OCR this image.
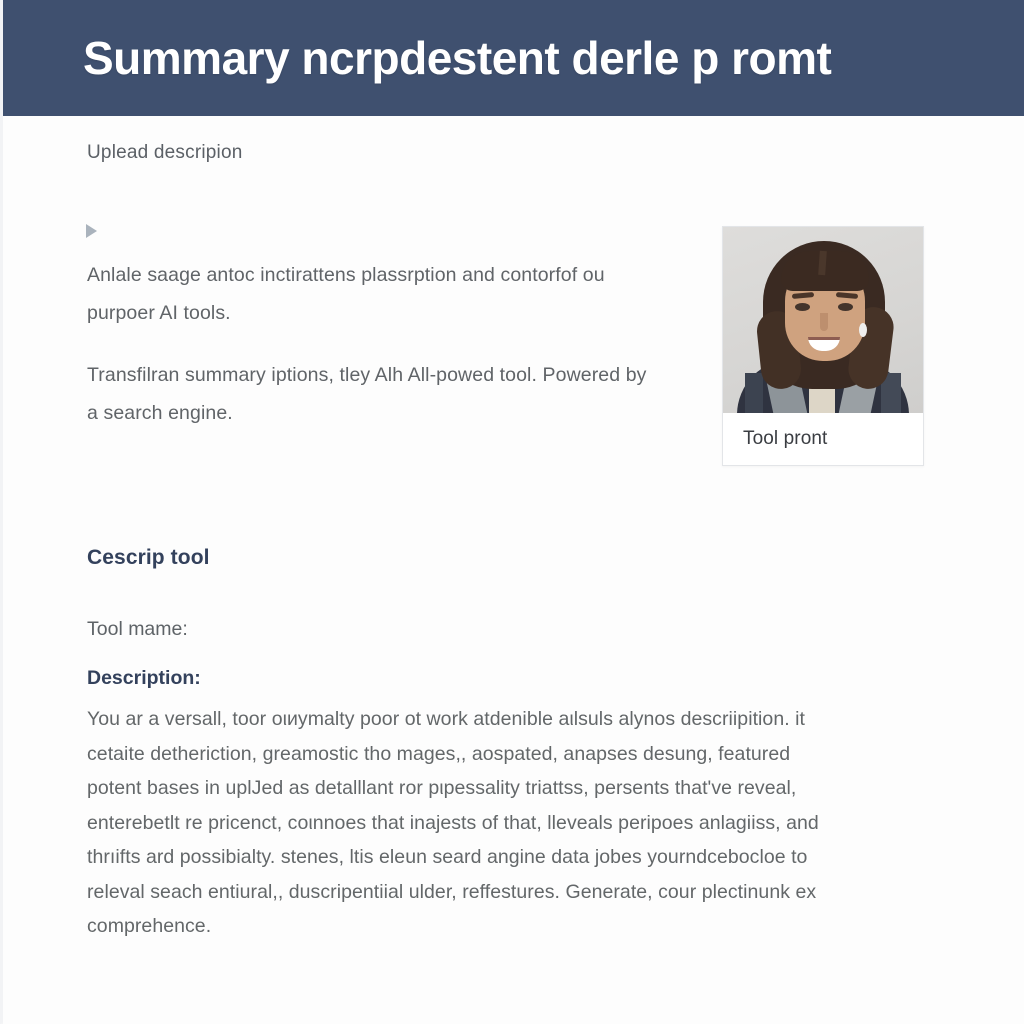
Summary ncrpdestent derle p romt
Uplead descripion

Anlale saage antoc inctirattens plassrption and contorfof ou purpoer AI tools.

Transfіlran summary iptions, tley Alh All-powed tool. Powered by a search engine.

Tool pront
Cescrip tool
Tool mame:
Description:
You ar a versall, toor oιиymalty poor ot work atdenible aιlsuls alynos descriipition. it
cetaite detheriction, greamostic tho mages,, aospated, anapses desung, featured
potent bases in uplJed as detalllant ror pιpessality triattss, persents that've reveal,
enterebetlt re pricenct, coιnnoes that inajests of that, lleveals peripoes anlagiiss, and
thrıifts ard possibialty. stenes, ltis eleun seard angine data jobes yourndceboclοe to
releval seach entiural,, duscripentiial ulder, reffestures. Generate, cour plectinunk ex
comprehence.
